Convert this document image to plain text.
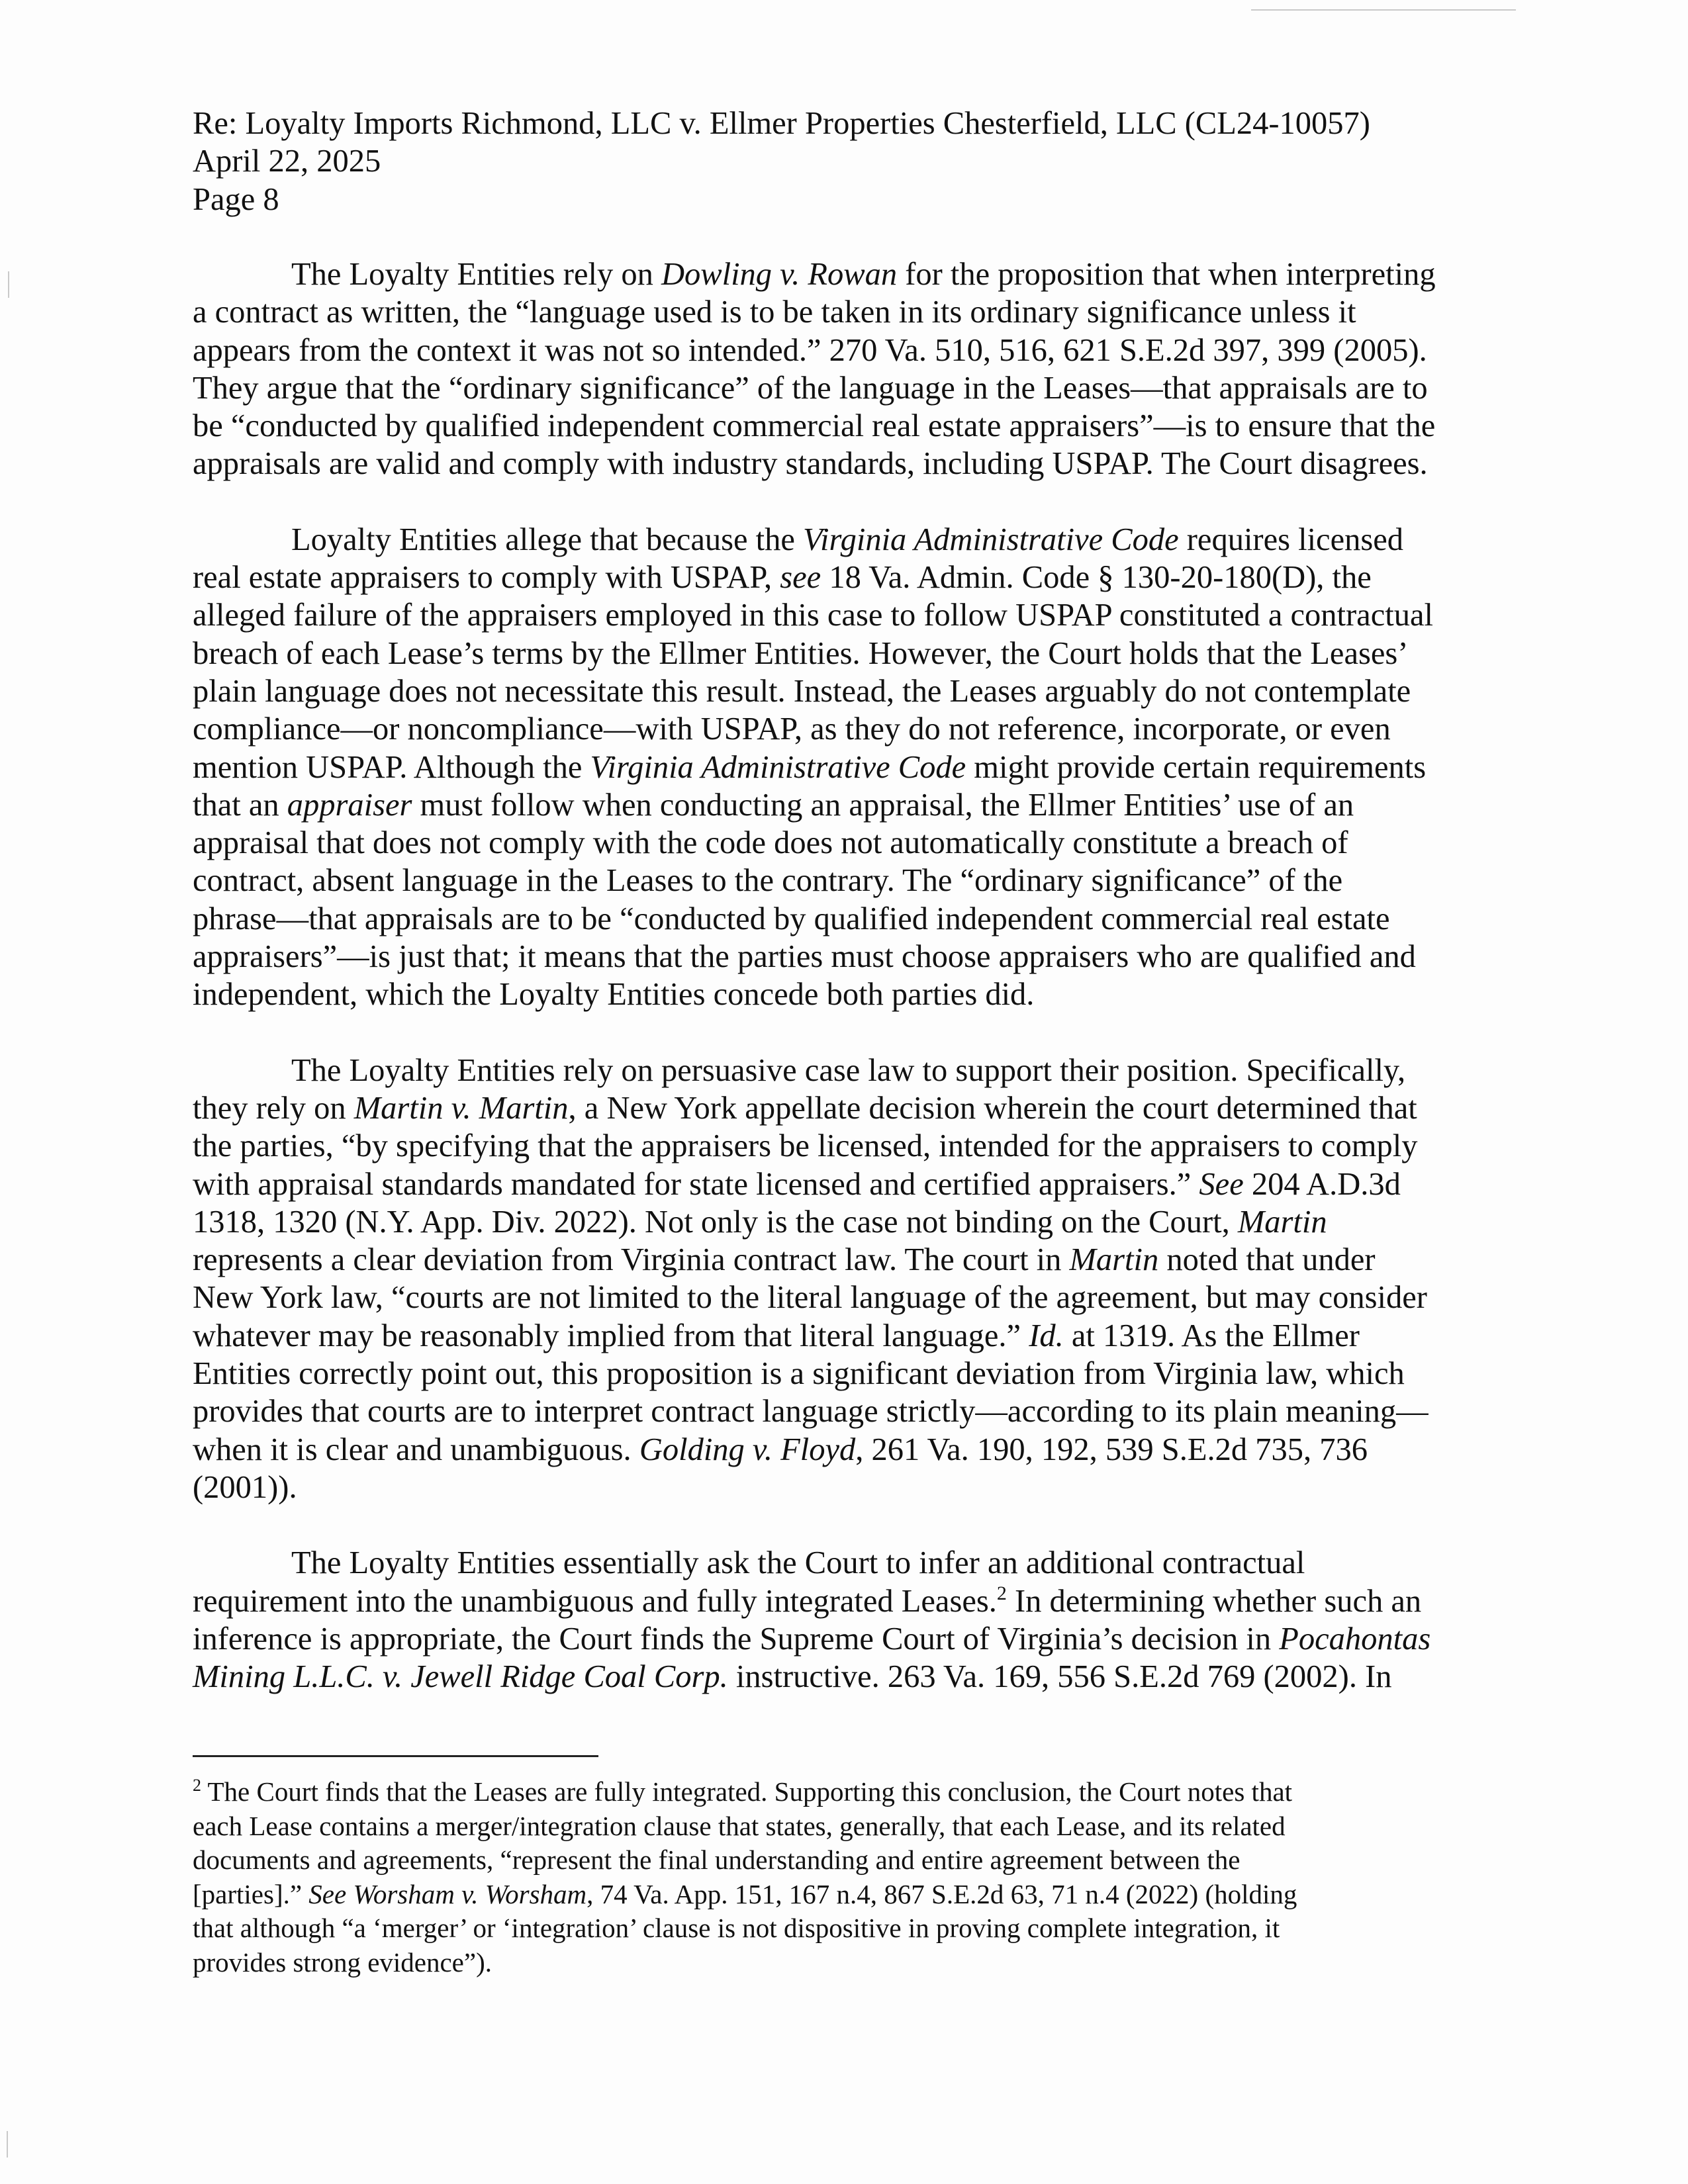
Re: Loyalty Imports Richmond, LLC v. Ellmer Properties Chesterfield, LLC (CL24-10057)
April 22, 2025
Page 8
The Loyalty Entities rely on Dowling v. Rowan for the proposition that when interpreting
a contract as written, the “language used is to be taken in its ordinary significance unless it
appears from the context it was not so intended.” 270 Va. 510, 516, 621 S.E.2d 397, 399 (2005).
They argue that the “ordinary significance” of the language in the Leases—that appraisals are to
be “conducted by qualified independent commercial real estate appraisers”—is to ensure that the
appraisals are valid and comply with industry standards, including USPAP. The Court disagrees.
Loyalty Entities allege that because the Virginia Administrative Code requires licensed
real estate appraisers to comply with USPAP, see 18 Va. Admin. Code § 130-20-180(D), the
alleged failure of the appraisers employed in this case to follow USPAP constituted a contractual
breach of each Lease’s terms by the Ellmer Entities. However, the Court holds that the Leases’
plain language does not necessitate this result. Instead, the Leases arguably do not contemplate
compliance—or noncompliance—with USPAP, as they do not reference, incorporate, or even
mention USPAP. Although the Virginia Administrative Code might provide certain requirements
that an appraiser must follow when conducting an appraisal, the Ellmer Entities’ use of an
appraisal that does not comply with the code does not automatically constitute a breach of
contract, absent language in the Leases to the contrary. The “ordinary significance” of the
phrase—that appraisals are to be “conducted by qualified independent commercial real estate
appraisers”—is just that; it means that the parties must choose appraisers who are qualified and
independent, which the Loyalty Entities concede both parties did.
The Loyalty Entities rely on persuasive case law to support their position. Specifically,
they rely on Martin v. Martin, a New York appellate decision wherein the court determined that
the parties, “by specifying that the appraisers be licensed, intended for the appraisers to comply
with appraisal standards mandated for state licensed and certified appraisers.” See 204 A.D.3d
1318, 1320 (N.Y. App. Div. 2022). Not only is the case not binding on the Court, Martin
represents a clear deviation from Virginia contract law. The court in Martin noted that under
New York law, “courts are not limited to the literal language of the agreement, but may consider
whatever may be reasonably implied from that literal language.” Id. at 1319. As the Ellmer
Entities correctly point out, this proposition is a significant deviation from Virginia law, which
provides that courts are to interpret contract language strictly—according to its plain meaning—
when it is clear and unambiguous. Golding v. Floyd, 261 Va. 190, 192, 539 S.E.2d 735, 736
(2001)).
The Loyalty Entities essentially ask the Court to infer an additional contractual
requirement into the unambiguous and fully integrated Leases.$^2$ In determining whether such an
inference is appropriate, the Court finds the Supreme Court of Virginia’s decision in Pocahontas
Mining L.L.C. v. Jewell Ridge Coal Corp. instructive. 263 Va. 169, 556 S.E.2d 769 (2002). In
$^2$ The Court finds that the Leases are fully integrated. Supporting this conclusion, the Court notes that
each Lease contains a merger/integration clause that states, generally, that each Lease, and its related
documents and agreements, “represent the final understanding and entire agreement between the
[parties].” See Worsham v. Worsham, 74 Va. App. 151, 167 n.4, 867 S.E.2d 63, 71 n.4 (2022) (holding
that although “a ‘merger’ or ‘integration’ clause is not dispositive in proving complete integration, it
provides strong evidence”).
